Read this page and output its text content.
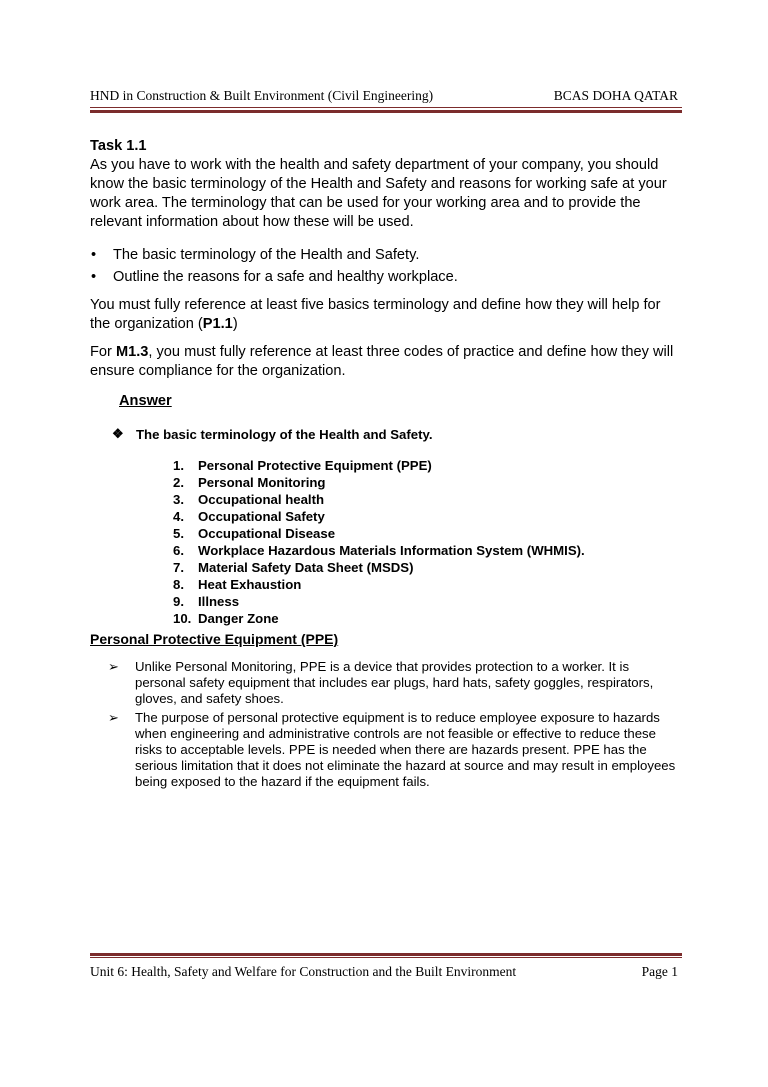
HND in Construction & Built Environment (Civil Engineering)	BCAS DOHA QATAR
Task 1.1

As you have to work with the health and safety department of your company, you should know the basic terminology of the Health and Safety and reasons for working safe at your work area. The terminology that can be used for your working area and to provide the relevant information about how these will be used.

• The basic terminology of the Health and Safety.
• Outline the reasons for a safe and healthy workplace.

You must fully reference at least five basics terminology and define how they will help for the organization (P1.1)

For M1.3, you must fully reference at least three codes of practice and define how they will ensure compliance for the organization.

Answer
❖ The basic terminology of the Health and Safety.
1. Personal Protective Equipment (PPE)
2. Personal Monitoring
3. Occupational health
4. Occupational Safety
5. Occupational Disease
6. Workplace Hazardous Materials Information System (WHMIS).
7. Material Safety Data Sheet (MSDS)
8. Heat Exhaustion
9. Illness
10. Danger Zone
Personal Protective Equipment (PPE)
➢ Unlike Personal Monitoring, PPE is a device that provides protection to a worker. It is personal safety equipment that includes ear plugs, hard hats, safety goggles, respirators, gloves, and safety shoes.
➢ The purpose of personal protective equipment is to reduce employee exposure to hazards when engineering and administrative controls are not feasible or effective to reduce these risks to acceptable levels. PPE is needed when there are hazards present. PPE has the serious limitation that it does not eliminate the hazard at source and may result in employees being exposed to the hazard if the equipment fails.
Unit 6: Health, Safety and Welfare for Construction and the Built Environment	Page 1
